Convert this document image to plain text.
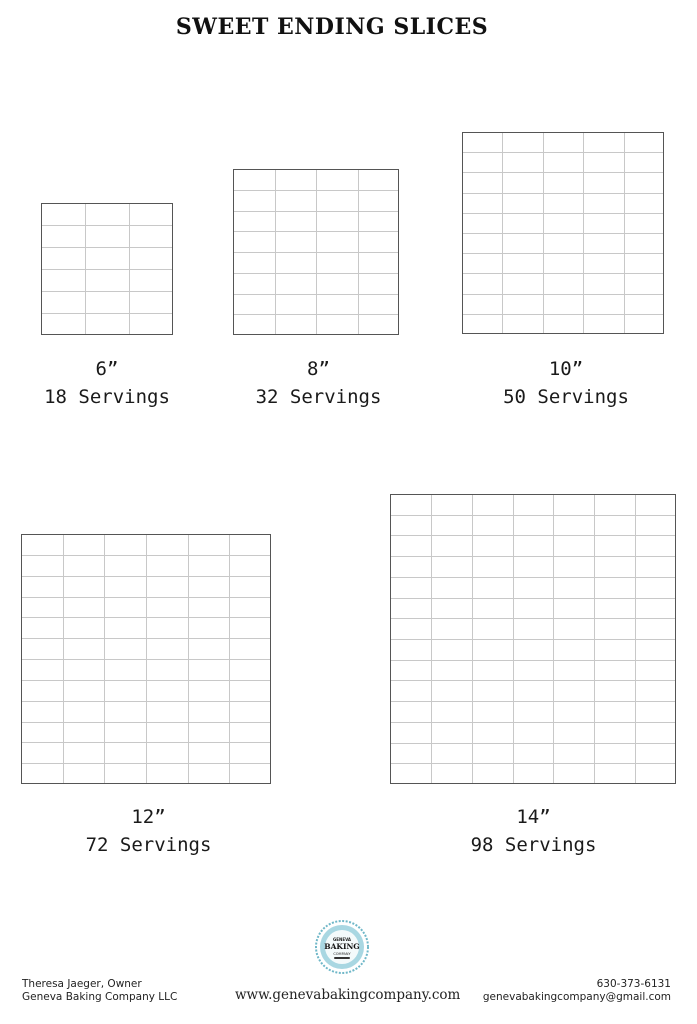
SWEET ENDING SLICES
6”
18 Servings
8”
32 Servings
10”
50 Servings
12”
72 Servings
14”
98 Servings
GENEVA
BAKING
COMPANY
Theresa Jaeger, Owner
Geneva Baking Company LLC	www.genevabakingcompany.com
630-373-6131
genevabakingcompany@gmail.com
